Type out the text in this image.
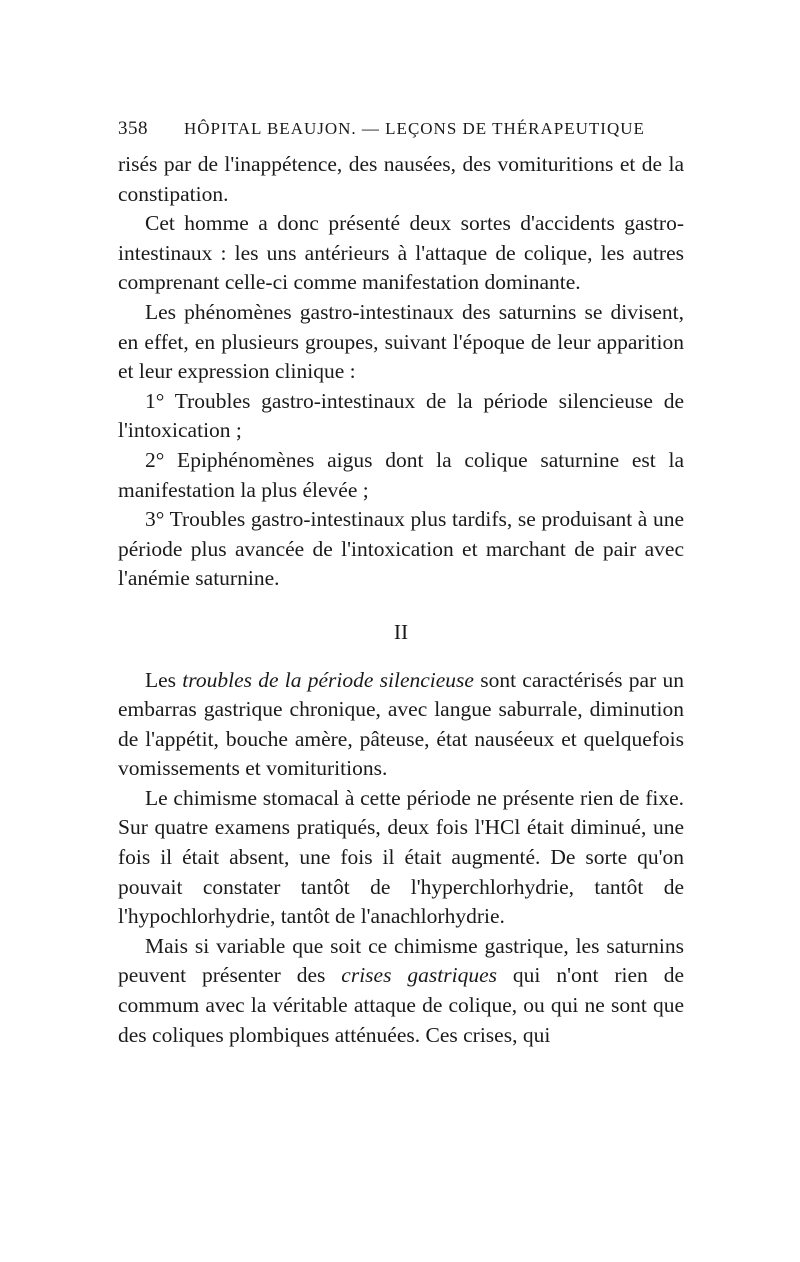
358	HÔPITAL BEAUJON. — LEÇONS DE THÉRAPEUTIQUE

risés par de l'inappétence, des nausées, des vomituritions et de la constipation.

Cet homme a donc présenté deux sortes d'accidents gastro-intestinaux : les uns antérieurs à l'attaque de colique, les autres comprenant celle-ci comme manifestation dominante.

Les phénomènes gastro-intestinaux des saturnins se divisent, en effet, en plusieurs groupes, suivant l'époque de leur apparition et leur expression clinique :

1° Troubles gastro-intestinaux de la période silencieuse de l'intoxication ;

2° Epiphénomènes aigus dont la colique saturnine est la manifestation la plus élevée ;

3° Troubles gastro-intestinaux plus tardifs, se produisant à une période plus avancée de l'intoxication et marchant de pair avec l'anémie saturnine.

II

Les troubles de la période silencieuse sont caractérisés par un embarras gastrique chronique, avec langue saburrale, diminution de l'appétit, bouche amère, pâteuse, état nauséeux et quelquefois vomissements et vomituritions.

Le chimisme stomacal à cette période ne présente rien de fixe. Sur quatre examens pratiqués, deux fois l'HCl était diminué, une fois il était absent, une fois il était augmenté. De sorte qu'on pouvait constater tantôt de l'hyperchlorhydrie, tantôt de l'hypochlorhydrie, tantôt de l'anachlorhydrie.

Mais si variable que soit ce chimisme gastrique, les saturnins peuvent présenter des crises gastriques qui n'ont rien de commum avec la véritable attaque de colique, ou qui ne sont que des coliques plombiques atténuées. Ces crises, qui
